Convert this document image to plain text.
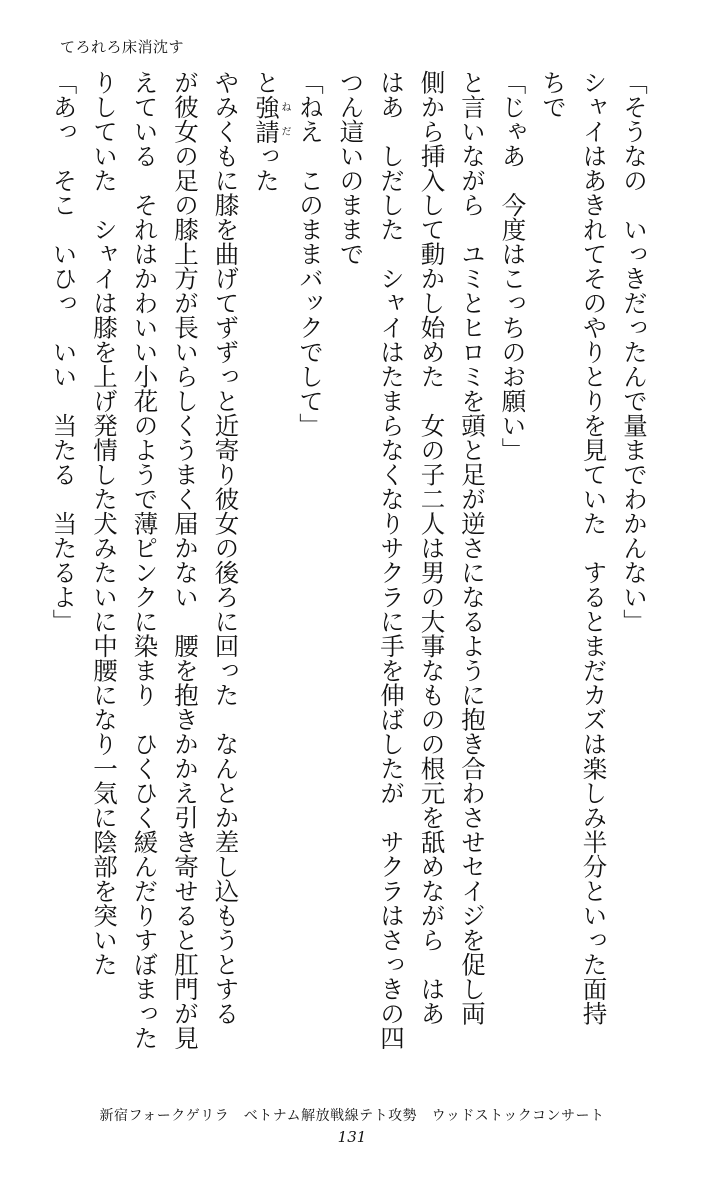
てろれろ床消沈す
「そうなの　いっきだったんで量までわかんない」
シャイはあきれてそのやりとりを見ていた　するとまだカズは楽しみ半分といった面持
ちで
「じゃあ　今度はこっちのお願い」
と言いながら　ユミとヒロミを頭と足が逆さになるように抱き合わさせセイジを促し両
側から挿入して動かし始めた　女の子二人は男の大事なものの根元を舐めながら　はあ
はあ　しだした　シャイはたまらなくなりサクラに手を伸ばしたが　サクラはさっきの四
つん這いのままで
「ねえ　このままバックでして」
と強請ねだった
やみくもに膝を曲げてずずっと近寄り彼女の後ろに回った　なんとか差し込もうとする
が彼女の足の膝上方が長いらしくうまく届かない　腰を抱きかかえ引き寄せると肛門が見
えている　それはかわいい小花のようで薄ピンクに染まり　ひくひく緩んだりすぼまった
りしていた　シャイは膝を上げ発情した犬みたいに中腰になり一気に陰部を突いた
「あっ　そこ　いひっ　いい　当たる　当たるよ」
新宿フォークゲリラ　ベトナム解放戦線テト攻勢　ウッドストックコンサート
131
